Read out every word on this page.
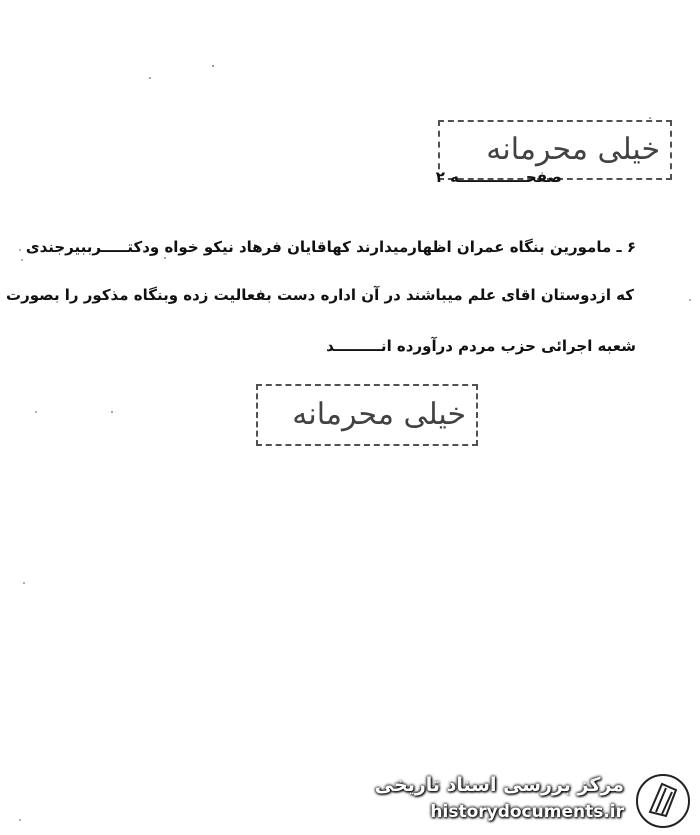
خیلی محرمانه
صفحـــــــــــــه ۲
۶ ـ مامورین بنگاه عمران اظهارمیدارند کهاقایان فرهاد نیکو خواه ودکتـــــرببیرجندی
که ازدوستان اقای علم میباشند در آن اداره دست بفعالیت زده وبنگاه مذکور را بصورت
شعبه اجرائی حزب مردم درآورده انـــــــــد
خیلی محرمانه
مرکز بررسی اسناد تاریخی
historydocuments.ir
